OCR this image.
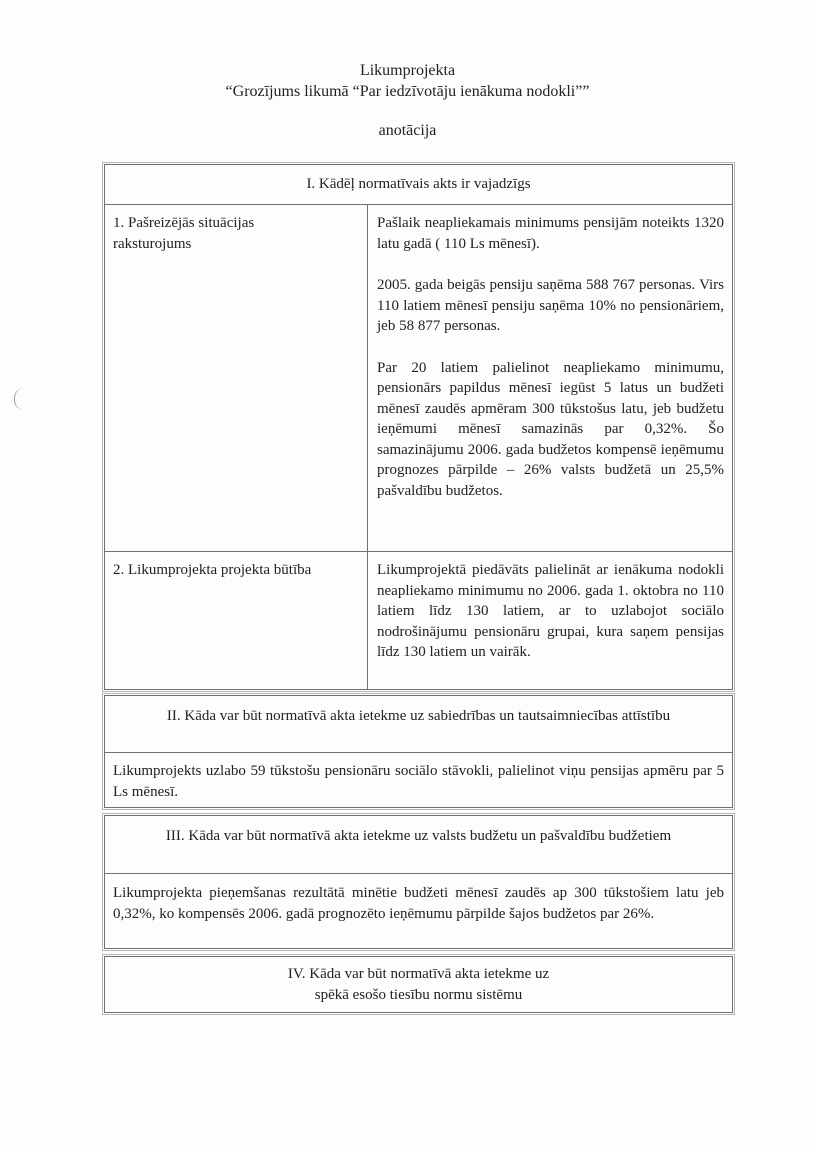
Likumprojekta
“Grozījums likumā “Par iedzīvotāju ienākuma nodokli””
anotācija
I. Kādēļ normatīvais akts ir vajadzīgs
1. Pašreizējās situācijas raksturojums

Pašlaik neapliekamais minimums pensijām noteikts 1320 latu gadā ( 110 Ls mēnesī).

2005. gada beigās pensiju saņēma 588 767 personas. Virs 110 latiem mēnesī pensiju saņēma 10% no pensionāriem, jeb 58 877 personas.

Par 20 latiem palielinot neapliekamo minimumu, pensionārs papildus mēnesī iegūst 5 latus un budžeti mēnesī zaudēs apmēram 300 tūkstošus latu, jeb budžetu ieņēmumi mēnesī samazinās par 0,32%. Šo samazinājumu 2006. gada budžetos kompensē ieņēmumu prognozes pārpilde – 26% valsts budžetā un 25,5% pašvaldību budžetos.

2. Likumprojekta projekta būtība	Likumprojektā piedāvāts palielināt ar ienākuma nodokli neapliekamo minimumu no 2006. gada 1. oktobra no 110 latiem līdz 130 latiem, ar to uzlabojot sociālo nodrošinājumu pensionāru grupai, kura saņem pensijas līdz 130 latiem un vairāk.
II. Kāda var būt normatīvā akta ietekme uz sabiedrības un tautsaimniecības attīstību
Likumprojekts uzlabo 59 tūkstošu pensionāru sociālo stāvokli, palielinot viņu pensijas apmēru par 5 Ls mēnesī.
III. Kāda var būt normatīvā akta ietekme uz valsts budžetu un pašvaldību budžetiem
Likumprojekta pieņemšanas rezultātā minētie budžeti mēnesī zaudēs ap 300 tūkstošiem latu jeb 0,32%, ko kompensēs 2006. gadā prognozēto ieņēmumu pārpilde šajos budžetos par 26%.
IV. Kāda var būt normatīvā akta ietekme uz
spēkā esošo tiesību normu sistēmu
